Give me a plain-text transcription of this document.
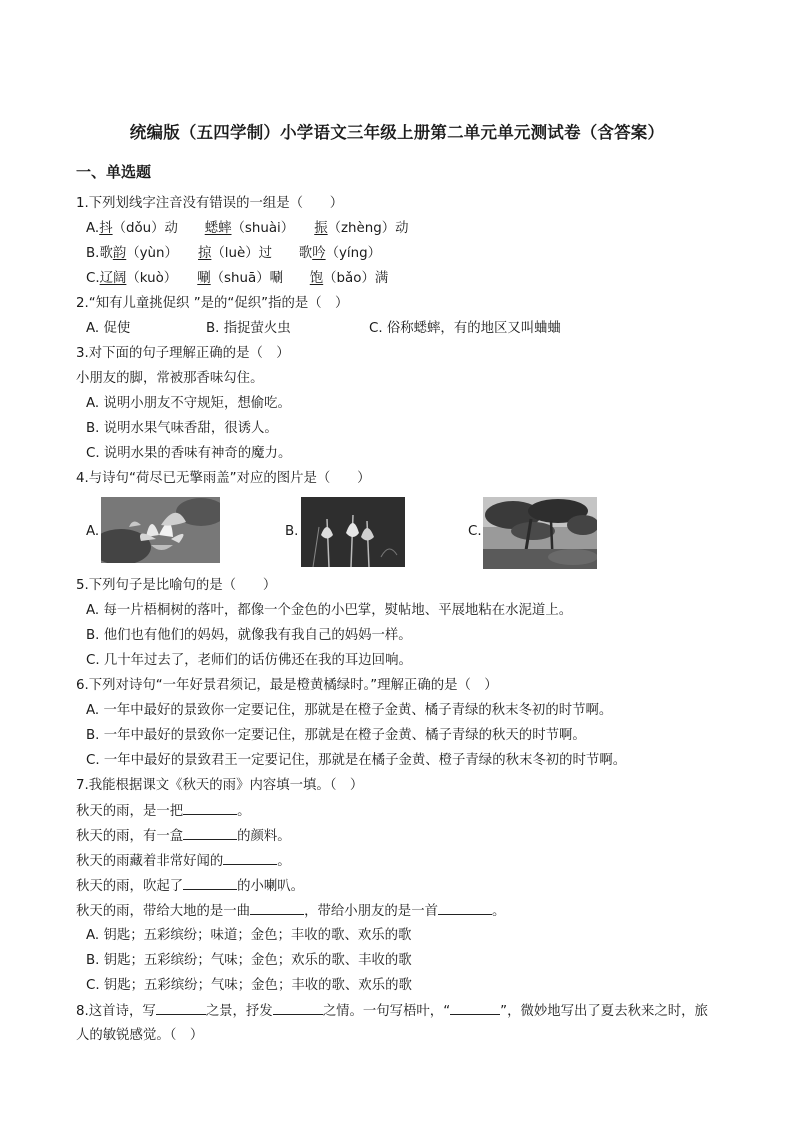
统编版（五四学制）小学语文三年级上册第二单元单元测试卷（含答案）
一、单选题
1.下列划线字注音没有错误的一组是（　　）
A.抖（dǒu）动　　蟋蟀（shuài）　　振（zhèng）动
B.歌韵（yùn）　　掠（luè）过　　歌吟（yíng）
C.辽阔（kuò）　　唰（shuā）唰　　饱（bǎo）满
2.“知有儿童挑促织 ”是的“促织”指的是（　）
A. 促使	B. 指捉萤火虫	C. 俗称蟋蟀，有的地区又叫蛐蛐
3.对下面的句子理解正确的是（　）
小朋友的脚，常被那香味勾住。
A. 说明小朋友不守规矩，想偷吃。
B. 说明水果气味香甜，很诱人。
C. 说明水果的香味有神奇的魔力。
4.与诗句“荷尽已无擎雨盖”对应的图片是（　　）
A.	B.	C.
5.下列句子是比喻句的是（　　）
A. 每一片梧桐树的落叶，都像一个金色的小巴掌，熨帖地、平展地粘在水泥道上。
B. 他们也有他们的妈妈，就像我有我自己的妈妈一样。
C. 几十年过去了，老师们的话仿佛还在我的耳边回响。
6.下列对诗句“一年好景君须记，最是橙黄橘绿时。”理解正确的是（　）
A. 一年中最好的景致你一定要记住，那就是在橙子金黄、橘子青绿的秋末冬初的时节啊。
B. 一年中最好的景致你一定要记住，那就是在橙子金黄、橘子青绿的秋天的时节啊。
C. 一年中最好的景致君王一定要记住，那就是在橘子金黄、橙子青绿的秋末冬初的时节啊。
7.我能根据课文《秋天的雨》内容填一填。（　）
秋天的雨，是一把	。
秋天的雨，有一盒	的颜料。
秋天的雨藏着非常好闻的	。
秋天的雨，吹起了	的小喇叭。
秋天的雨，带给大地的是一曲	，带给小朋友的是一首	。
A. 钥匙；五彩缤纷；味道；金色；丰收的歌、欢乐的歌
B. 钥匙；五彩缤纷；气味；金色；欢乐的歌、丰收的歌
C. 钥匙；五彩缤纷；气味；金色；丰收的歌、欢乐的歌
8.这首诗，写	之景，抒发	之情。一句写梧叶，“	”，微妙地写出了夏去秋来之时，旅
人的敏锐感觉。（　）
